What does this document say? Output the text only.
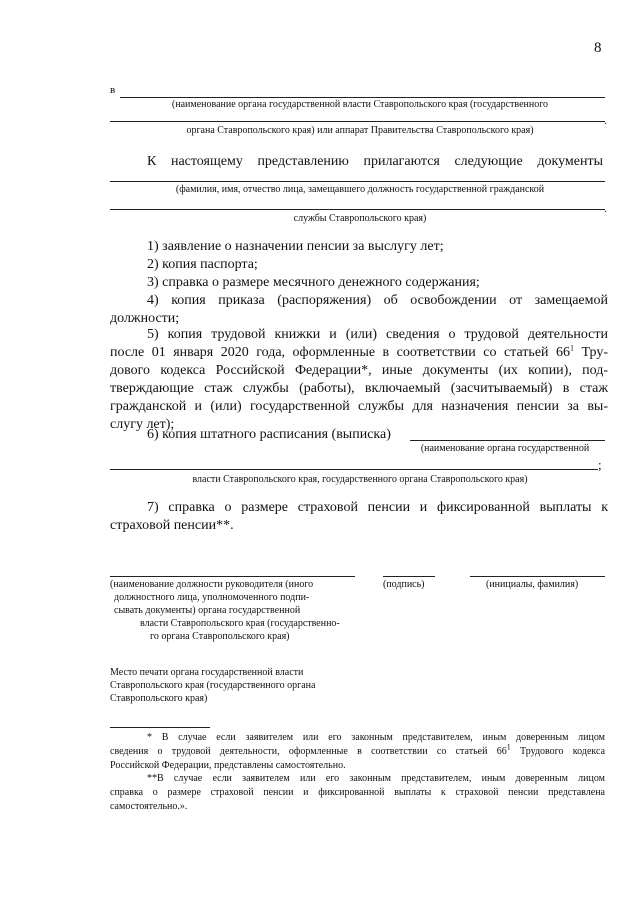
8
в
(наименование органа государственной власти Ставропольского края (государственного
.
органа Ставропольского края) или аппарат Правительства Ставропольского края)
К настоящему представлению прилагаются следующие документы
(фамилия, имя, отчество лица, замещавшего должность государственной гражданской
.
службы Ставропольского края)
1) заявление о назначении пенсии за выслугу лет;
2) копия паспорта;
3) справка о размере месячного денежного содержания;
4) копия приказа (распоряжения) об освобождении от замещаемой
должности;
5) копия трудовой книжки и (или) сведения о трудовой деятельности
после 01 января 2020 года, оформленные в соответствии со статьей $66^1$ Тру-
дового кодекса Российской Федерации*, иные документы (их копии), под-
тверждающие стаж службы (работы), включаемый (засчитываемый) в стаж
гражданской и (или) государственной службы для назначения пенсии за вы-
слугу лет);
6) копия штатного расписания (выписка)
(наименование органа государственной
;
власти Ставропольского края, государственного органа Ставропольского края)
7) справка о размере страховой пенсии и фиксированной выплаты к
страховой пенсии**.
(наименование должности руководителя (иного
должностного лица, уполномоченного подпи-
сывать документы) органа государственной
власти Ставропольского края (государственно-
го органа Ставропольского края)
(подпись)	(инициалы, фамилия)
Место печати органа государственной власти
Ставропольского края (государственного органа
Ставропольского края)
* В случае если заявителем или его законным представителем, иным доверенным лицом
сведения о трудовой деятельности, оформленные в соответствии со статьей $66^1$ Трудового кодекса
Российской Федерации, представлены самостоятельно.
**В случае если заявителем или его законным представителем, иным доверенным лицом
справка о размере страховой пенсии и фиксированной выплаты к страховой пенсии представлена
самостоятельно.».
